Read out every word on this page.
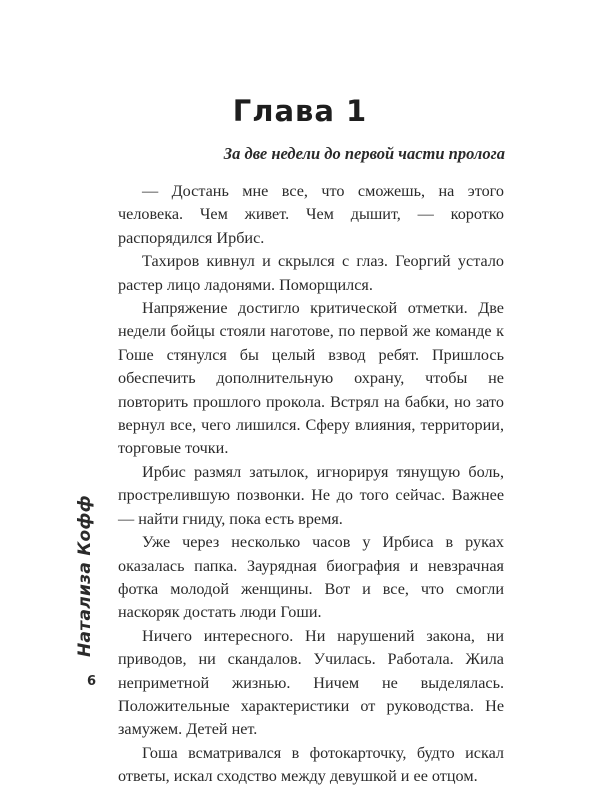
Глава 1
За две недели до первой части пролога

— Достань мне все, что сможешь, на этого человека. Чем живет. Чем дышит, — коротко распорядился Ирбис.

Тахиров кивнул и скрылся с глаз. Георгий устало растер лицо ладонями. Поморщился.

Напряжение достигло критической отметки. Две недели бойцы стояли наготове, по первой же команде к Гоше стянулся бы целый взвод ребят. Пришлось обеспечить дополнительную охрану, чтобы не повторить прошлого прокола. Встрял на бабки, но зато вернул все, чего лишился. Сферу влияния, территории, торговые точки.

Ирбис размял затылок, игнорируя тянущую боль, прострелившую позвонки. Не до того сейчас. Важнее — найти гниду, пока есть время.

Уже через несколько часов у Ирбиса в руках оказалась папка. Заурядная биография и невзрачная фотка молодой женщины. Вот и все, что смогли наскоряк достать люди Гоши.

Ничего интересного. Ни нарушений закона, ни приводов, ни скандалов. Училась. Работала. Жила неприметной жизнью. Ничем не выделялась. Положительные характеристики от руководства. Не замужем. Детей нет.

Гоша всматривался в фотокарточку, будто искал ответы, искал сходство между девушкой и ее отцом.

Натализа Кофф
6
